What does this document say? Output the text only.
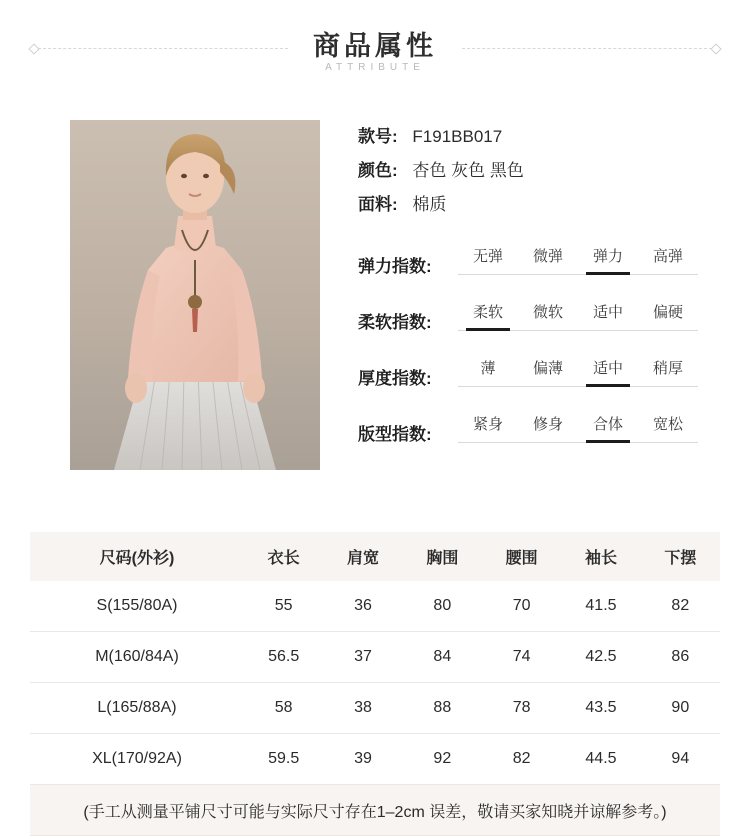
商品属性
ATTRIBUTE
款号: F191BB017
颜色: 杏色 灰色 黑色
面料: 棉质
弹力指数:
无弹	微弹	弹力	高弹
柔软指数:
柔软	微软	适中	偏硬
厚度指数:
薄	偏薄	适中	稍厚
版型指数:
紧身	修身	合体	宽松
尺码(外衫)	衣长	肩宽	胸围	腰围	袖长	下摆
S(155/80A)	55	36	80	70	41.5	82
M(160/84A)	56.5	37	84	74	42.5	86
L(165/88A)	58	38	88	78	43.5	90
XL(170/92A)	59.5	39	92	82	44.5	94
(手工从测量平铺尺寸可能与实际尺寸存在1–2cm 误差，敬请买家知晓并谅解参考。)						
